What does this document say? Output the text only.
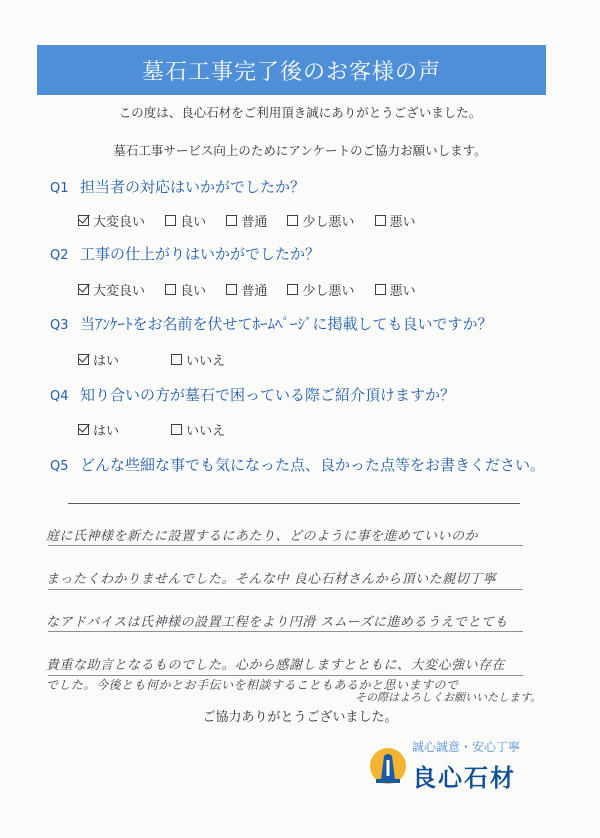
墓石工事完了後のお客様の声
この度は、良心石材をご利用頂き誠にありがとうございました。
墓石工事サービス向上のためにアンケートのご協力お願いします。
Q1 担当者の対応はいかがでしたか？
大変良い
	良い
	普通
	少し悪い
	悪い
Q2 工事の仕上がりはいかがでしたか？
大変良い
	良い
	普通
	少し悪い
	悪い
Q3 当ｱﾝｹｰﾄをお名前を伏せてﾎｰﾑﾍﾟｰｼﾞに掲載しても良いですか？
はい
	いいえ
Q4 知り合いの方が墓石で困っている際ご紹介頂けますか？
はい
	いいえ
Q5 どんな些細な事でも気になった点、良かった点等をお書きください。
庭に氏神様を新たに設置するにあたり、どのように事を進めていいのか
まったくわかりませんでした。そんな中 良心石材さんから頂いた親切丁寧
なアドバイスは氏神様の設置工程をより円滑 スムーズに進めるうえでとても
貴重な助言となるものでした。心から感謝しますとともに、大変心強い存在
でした。今後とも何かとお手伝いを相談することもあるかと思いますので
その際はよろしくお願いいたします。
ご協力ありがとうございました。
誠心誠意・安心丁寧
良心石材
